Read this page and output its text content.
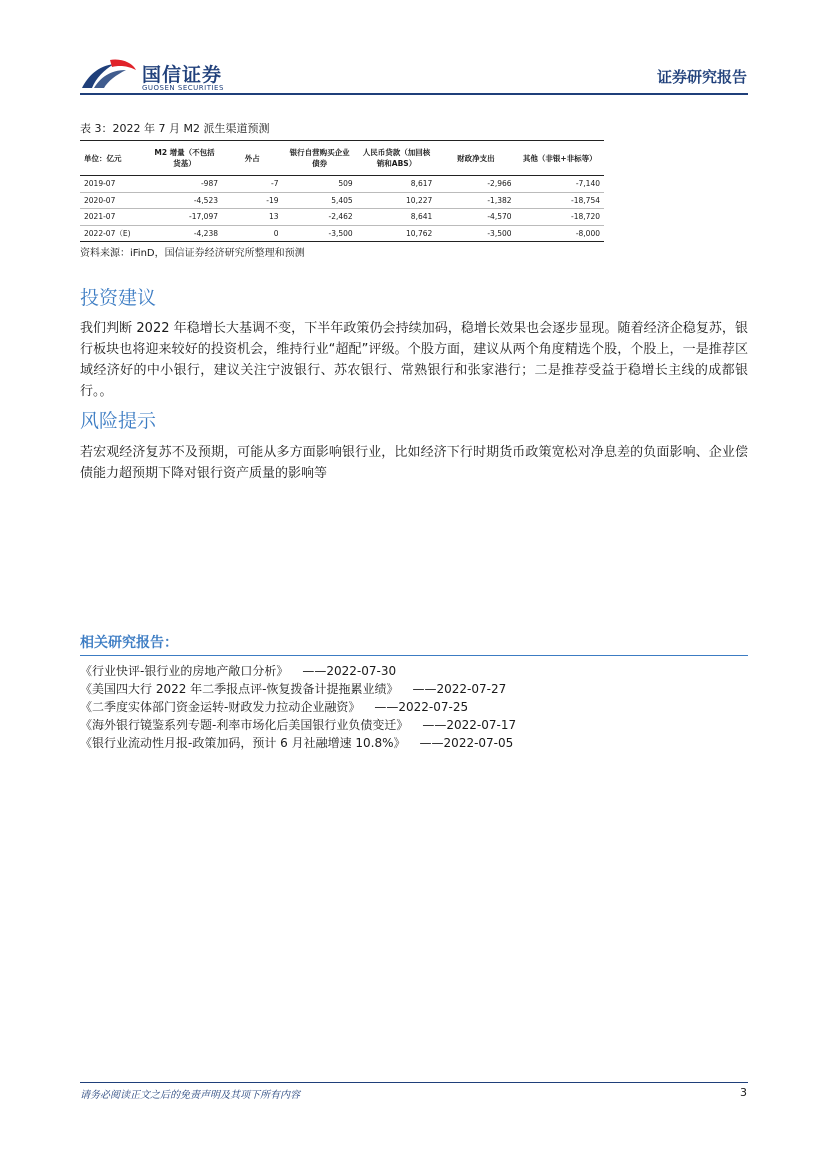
国信证券
GUOSEN SECURITIES
证券研究报告
表 3：2022 年 7 月 M2 派生渠道预测
单位：亿元	M2 增量（不包括货基）	外占	银行自营购买企业债券	人民币贷款（加回核销和ABS）	财政净支出	其他（非银+非标等）
2019-07	-987	-7	509	8,617	-2,966	-7,140
2020-07	-4,523	-19	5,405	10,227	-1,382	-18,754
2021-07	-17,097	13	-2,462	8,641	-4,570	-18,720
2022-07（E)	-4,238	0	-3,500	10,762	-3,500	-8,000
资料来源：iFinD，国信证券经济研究所整理和预测
投资建议
我们判断 2022 年稳增长大基调不变，下半年政策仍会持续加码，稳增长效果也会逐步显现。随着经济企稳复苏，银行板块也将迎来较好的投资机会，维持行业“超配”评级。个股方面，建议从两个角度精选个股，个股上，一是推荐区域经济好的中小银行，建议关注宁波银行、苏农银行、常熟银行和张家港行；二是推荐受益于稳增长主线的成都银行。。
风险提示
若宏观经济复苏不及预期，可能从多方面影响银行业，比如经济下行时期货币政策宽松对净息差的负面影响、企业偿债能力超预期下降对银行资产质量的影响等
相关研究报告：
《行业快评-银行业的房地产敞口分析》 ——2022-07-30
《美国四大行 2022 年二季报点评-恢复拨备计提拖累业绩》 ——2022-07-27
《二季度实体部门资金运转-财政发力拉动企业融资》 ——2022-07-25
《海外银行镜鉴系列专题-利率市场化后美国银行业负债变迁》 ——2022-07-17
《银行业流动性月报-政策加码，预计 6 月社融增速 10.8%》 ——2022-07-05
请务必阅读正文之后的免责声明及其项下所有内容	3
